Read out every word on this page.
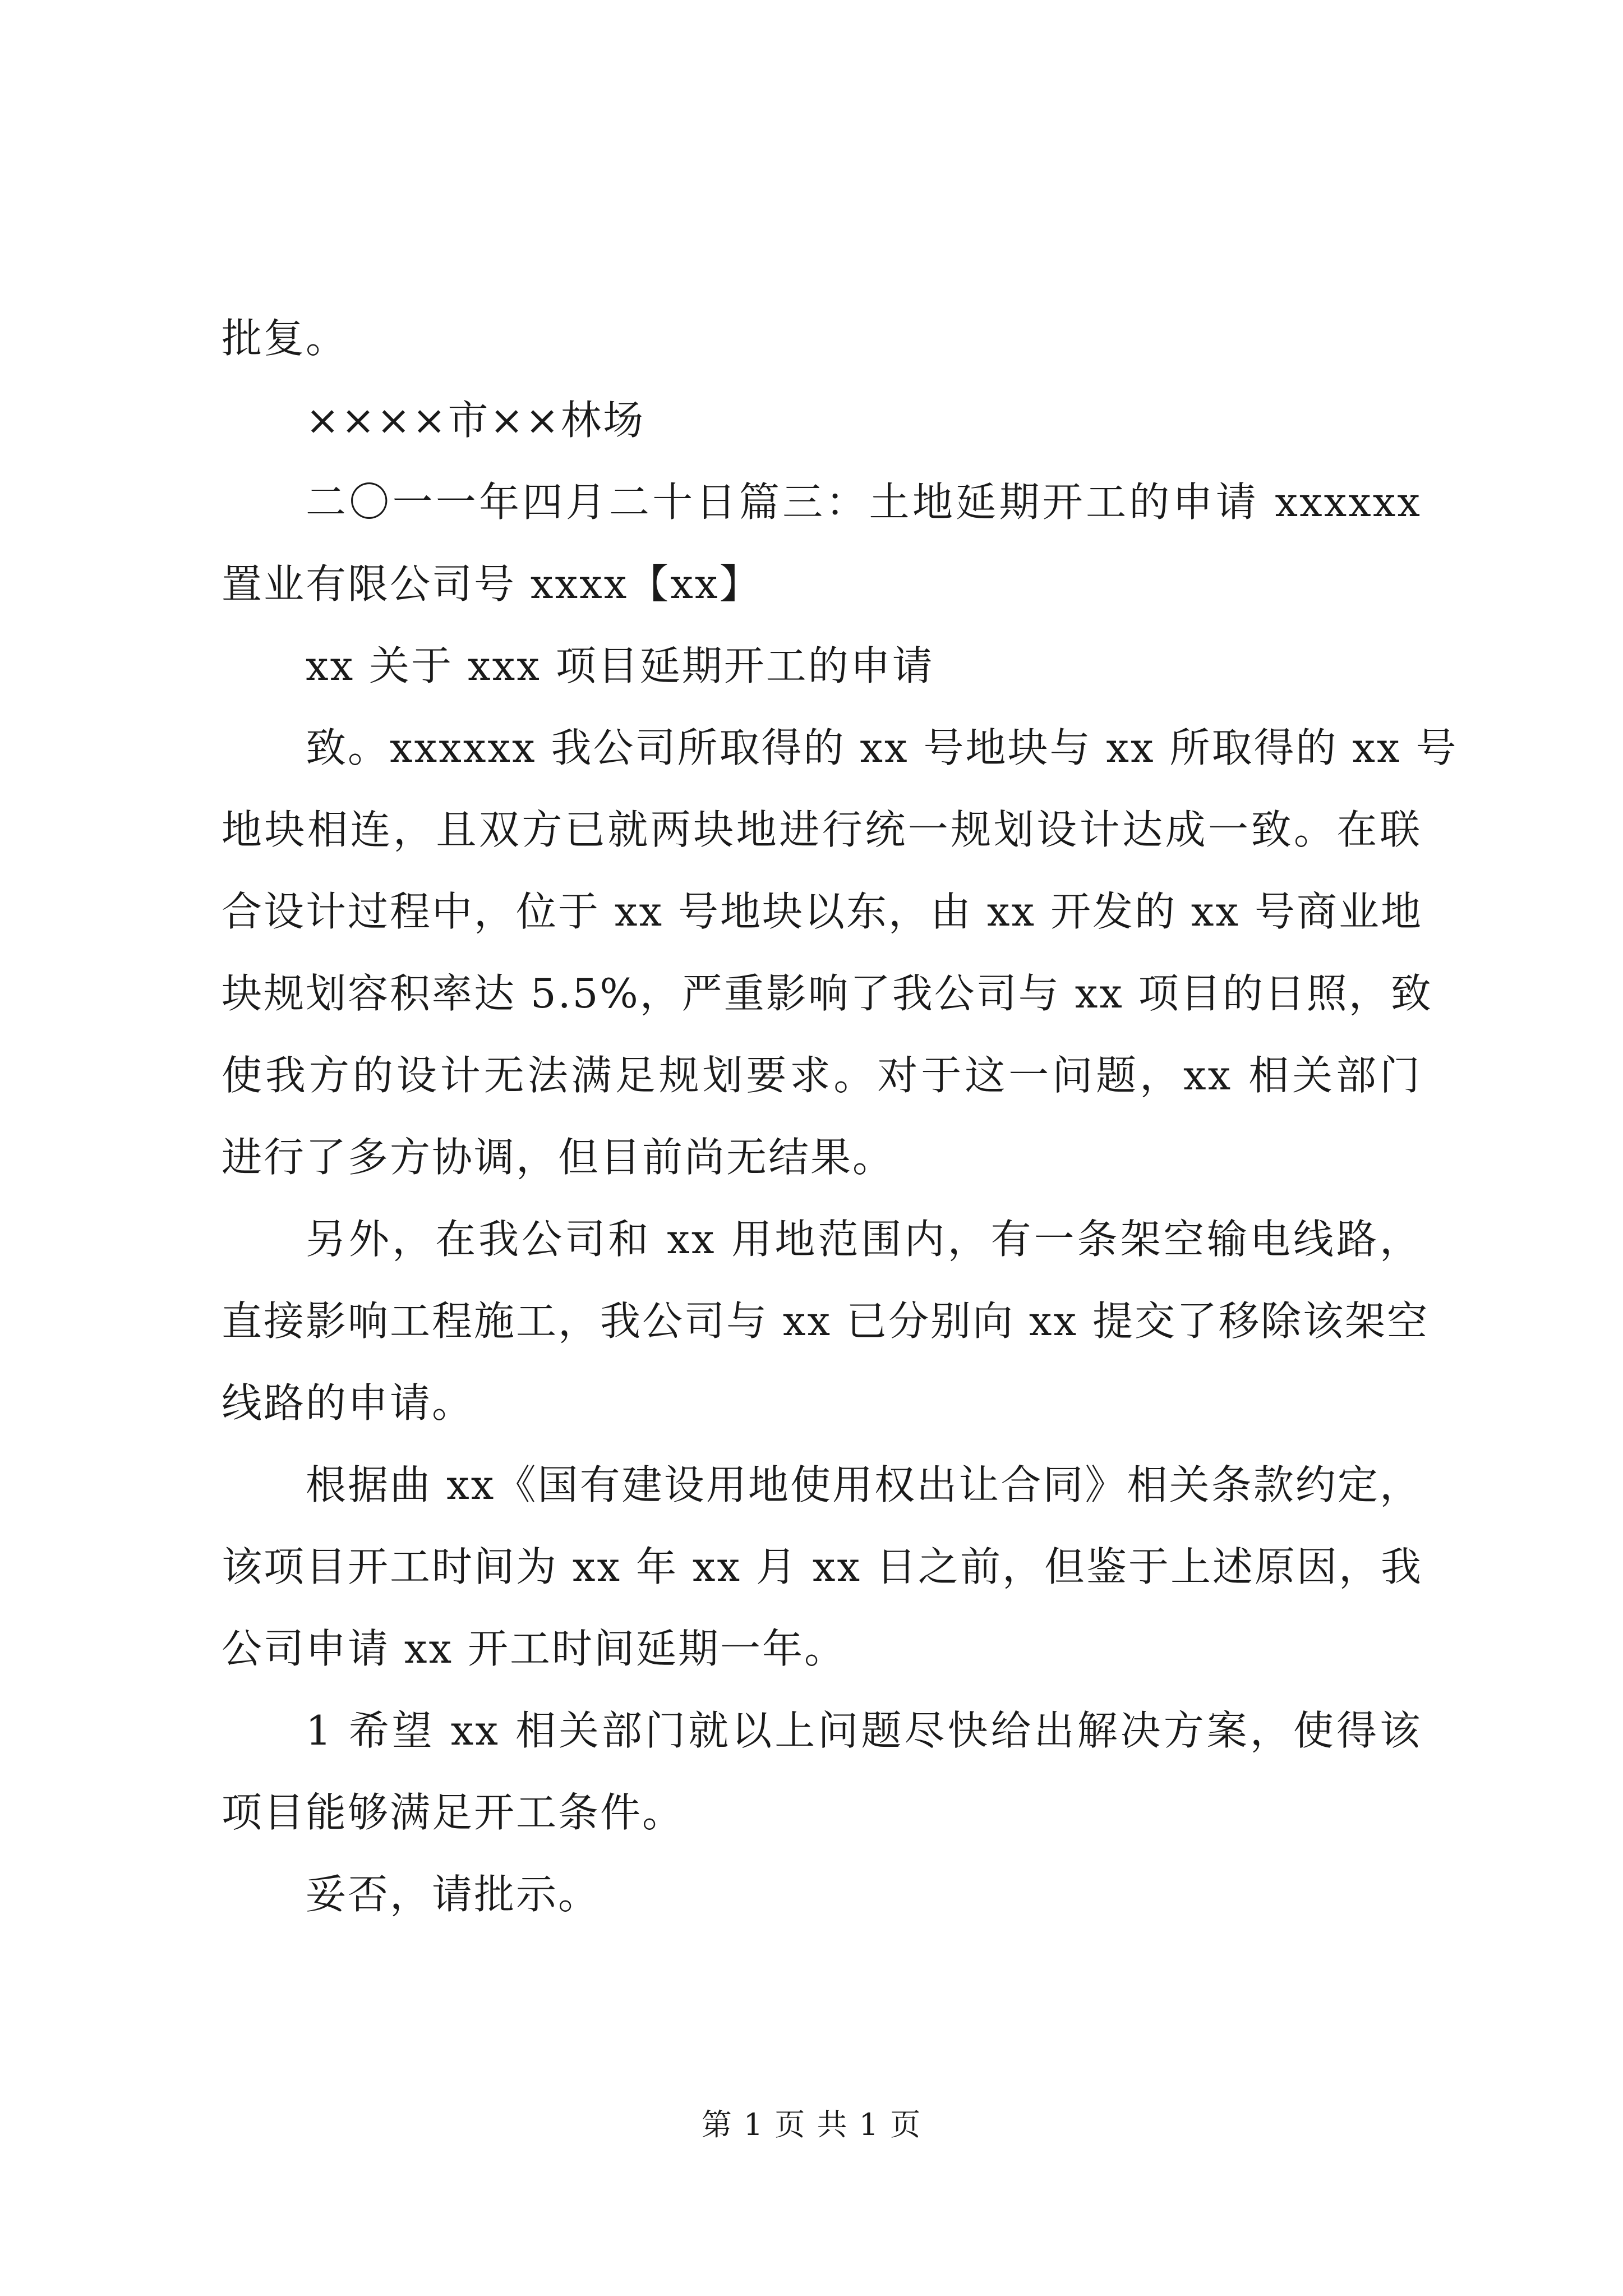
批复。
××××市××林场
二〇一一年四月二十日篇三：土地延期开工的申请 xxxxxx
置业有限公司号 xxxx【xx】
xx 关于 xxx 项目延期开工的申请
致。xxxxxx 我公司所取得的 xx 号地块与 xx 所取得的 xx 号
地块相连，且双方已就两块地进行统一规划设计达成一致。在联
合设计过程中，位于 xx 号地块以东，由 xx 开发的 xx 号商业地
块规划容积率达 5.5%，严重影响了我公司与 xx 项目的日照，致
使我方的设计无法满足规划要求。对于这一问题，xx 相关部门
进行了多方协调，但目前尚无结果。
另外，在我公司和 xx 用地范围内，有一条架空输电线路，
直接影响工程施工，我公司与 xx 已分别向 xx 提交了移除该架空
线路的申请。
根据曲 xx《国有建设用地使用权出让合同》相关条款约定，
该项目开工时间为 xx 年 xx 月 xx 日之前，但鉴于上述原因，我
公司申请 xx 开工时间延期一年。
1 希望 xx 相关部门就以上问题尽快给出解决方案，使得该
项目能够满足开工条件。
妥否，请批示。
第 1 页 共 1 页
